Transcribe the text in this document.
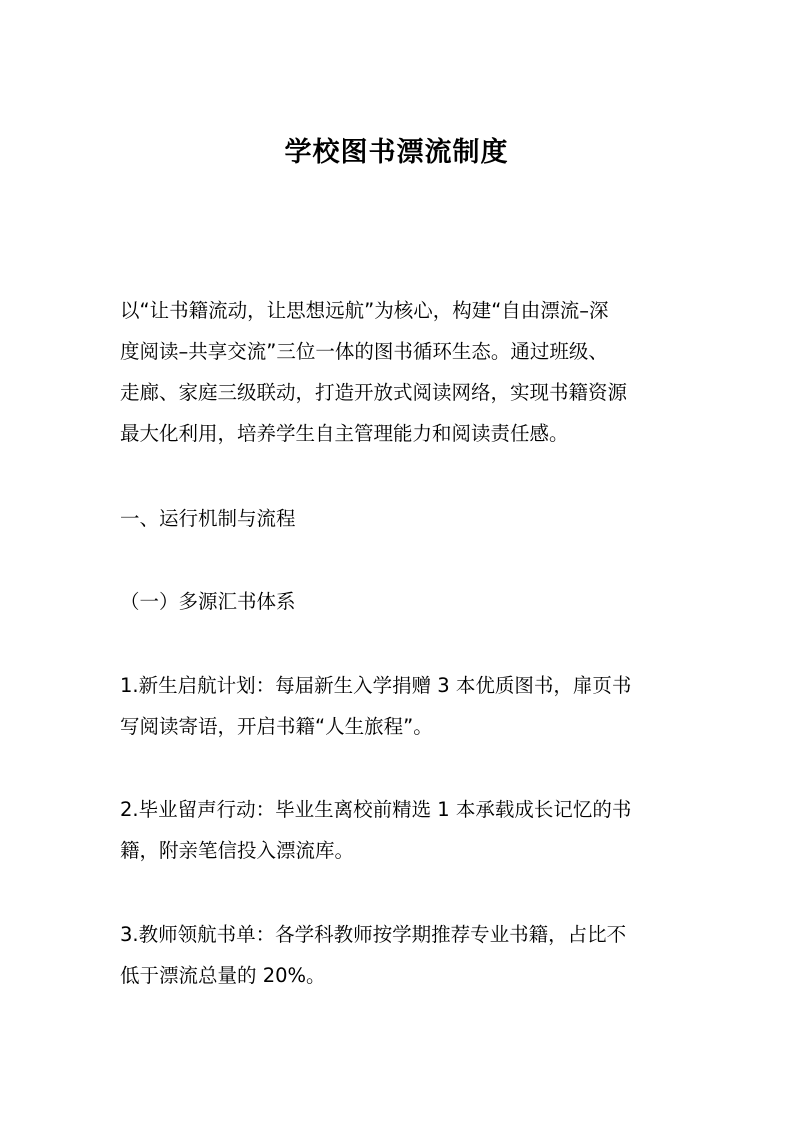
学校图书漂流制度
以“让书籍流动，让思想远航”为核心，构建“自由漂流–深
度阅读–共享交流”三位一体的图书循环生态。通过班级、
走廊、家庭三级联动，打造开放式阅读网络，实现书籍资源
最大化利用，培养学生自主管理能力和阅读责任感。
一、运行机制与流程
（一）多源汇书体系
1.新生启航计划：每届新生入学捐赠 3 本优质图书，扉页书
写阅读寄语，开启书籍“人生旅程”。
2.毕业留声行动：毕业生离校前精选 1 本承载成长记忆的书
籍，附亲笔信投入漂流库。
3.教师领航书单：各学科教师按学期推荐专业书籍，占比不
低于漂流总量的 20%。
